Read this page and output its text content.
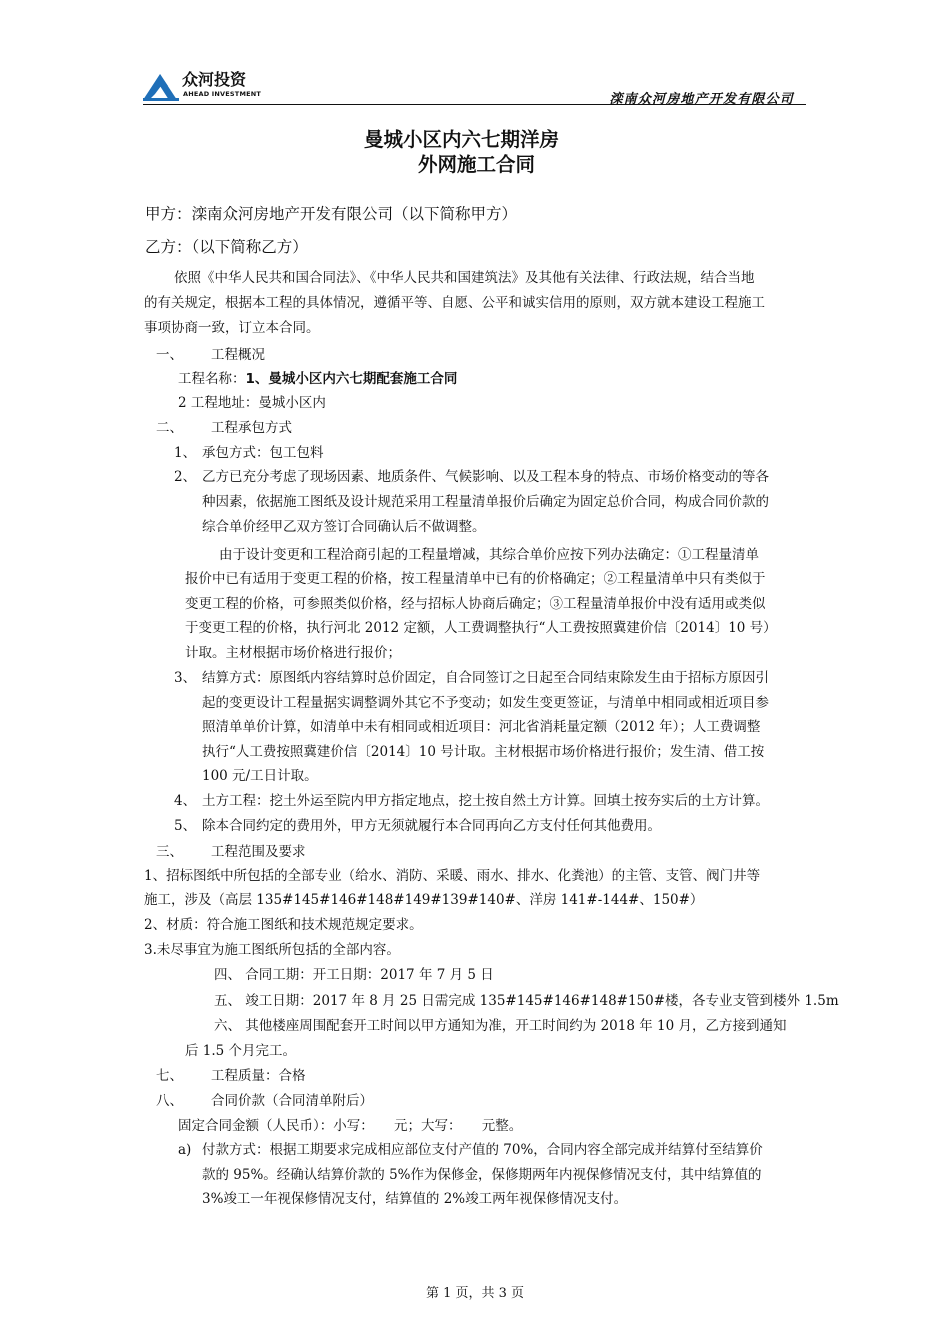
众河投资
AHEAD INVESTMENT	滦南众河房地产开发有限公司
曼城小区内六七期洋房
外网施工合同
甲方：滦南众河房地产开发有限公司（以下简称甲方）
乙方：（以下简称乙方）
依照《中华人民共和国合同法》、《中华人民共和国建筑法》及其他有关法律、行政法规，结合当地
的有关规定，根据本工程的具体情况，遵循平等、自愿、公平和诚实信用的原则，双方就本建设工程施工
事项协商一致，订立本合同。
一、 工程概况
工程名称：1、曼城小区内六七期配套施工合同
2 工程地址：曼城小区内
二、 工程承包方式
1、 承包方式：包工包料
2、 乙方已充分考虑了现场因素、地质条件、气候影响、以及工程本身的特点、市场价格变动的等各
种因素，依据施工图纸及设计规范采用工程量清单报价后确定为固定总价合同，构成合同价款的
综合单价经甲乙双方签订合同确认后不做调整。
由于设计变更和工程洽商引起的工程量增减，其综合单价应按下列办法确定：①工程量清单
报价中已有适用于变更工程的价格，按工程量清单中已有的价格确定；②工程量清单中只有类似于
变更工程的价格，可参照类似价格，经与招标人协商后确定；③工程量清单报价中没有适用或类似
于变更工程的价格，执行河北 2012 定额，人工费调整执行“人工费按照冀建价信〔2014〕10 号）
计取。主材根据市场价格进行报价；
3、 结算方式：原图纸内容结算时总价固定，自合同签订之日起至合同结束除发生由于招标方原因引
起的变更设计工程量据实调整调外其它不予变动；如发生变更签证，与清单中相同或相近项目参
照清单单价计算，如清单中未有相同或相近项目：河北省消耗量定额（2012 年）；人工费调整
执行“人工费按照冀建价信〔2014〕10 号计取。主材根据市场价格进行报价；发生清、借工按
100 元/工日计取。
4、 土方工程：挖土外运至院内甲方指定地点，挖土按自然土方计算。回填土按夯实后的土方计算。
5、 除本合同约定的费用外，甲方无须就履行本合同再向乙方支付任何其他费用。
三、 工程范围及要求
1、招标图纸中所包括的全部专业（给水、消防、采暖、雨水、排水、化粪池）的主管、支管、阀门井等
施工，涉及（高层 135#145#146#148#149#139#140#、洋房 141#-144#、150#）
2、材质：符合施工图纸和技术规范规定要求。
3.未尽事宜为施工图纸所包括的全部内容。
四、 合同工期：开工日期：2017 年 7 月 5 日
五、 竣工日期：2017 年 8 月 25 日需完成 135#145#146#148#150#楼，各专业支管到楼外 1.5m
六、 其他楼座周围配套开工时间以甲方通知为准，开工时间约为 2018 年 10 月，乙方接到通知
后 1.5 个月完工。
七、 工程质量：合格
八、 合同价款（合同清单附后）
固定合同金额（人民币）：小写：　　元；大写：　　元整。
a) 付款方式：根据工期要求完成相应部位支付产值的 70%，合同内容全部完成并结算付至结算价
款的 95%。经确认结算价款的 5%作为保修金，保修期两年内视保修情况支付，其中结算值的
3%竣工一年视保修情况支付，结算值的 2%竣工两年视保修情况支付。
第 1 页，共 3 页
